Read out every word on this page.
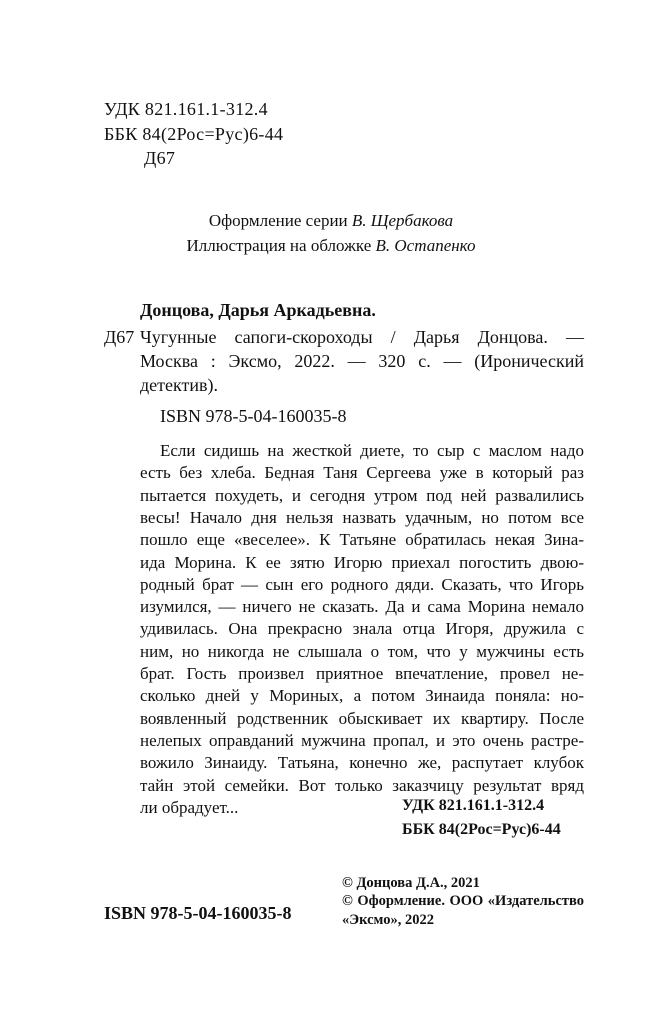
УДК 821.161.1-312.4
ББК 84(2Рос=Рус)6-44
Д67
Оформление серии В. Щербакова
Иллюстрация на обложке В. Остапенко
Донцова, Дарья Аркадьевна.
Д67 Чугунные сапоги-скороходы / Дарья Донцова. —
Москва : Эксмо, 2022. — 320 с. — (Иронический
детектив).
ISBN 978-5-04-160035-8
Если сидишь на жесткой диете, то сыр с маслом надо
есть без хлеба. Бедная Таня Сергеева уже в который раз
пытается похудеть, и сегодня утром под ней развалились
весы! Начало дня нельзя назвать удачным, но потом все
пошло еще «веселее». К Татьяне обратилась некая Зина-
ида Морина. К ее зятю Игорю приехал погостить двою-
родный брат — сын его родного дяди. Сказать, что Игорь
изумился, — ничего не сказать. Да и сама Морина немало
удивилась. Она прекрасно знала отца Игоря, дружила с
ним, но никогда не слышала о том, что у мужчины есть
брат. Гость произвел приятное впечатление, провел не-
сколько дней у Мориных, а потом Зинаида поняла: но-
воявленный родственник обыскивает их квартиру. После
нелепых оправданий мужчина пропал, и это очень растре-
вожило Зинаиду. Татьяна, конечно же, распутает клубок
тайн этой семейки. Вот только заказчицу результат вряд
ли обрадует...	УДК 821.161.1-312.4
ББК 84(2Рос=Рус)6-44
ISBN 978-5-04-160035-8
© Донцова Д.А., 2021
© Оформление. ООО «Издательство
«Эксмо», 2022
